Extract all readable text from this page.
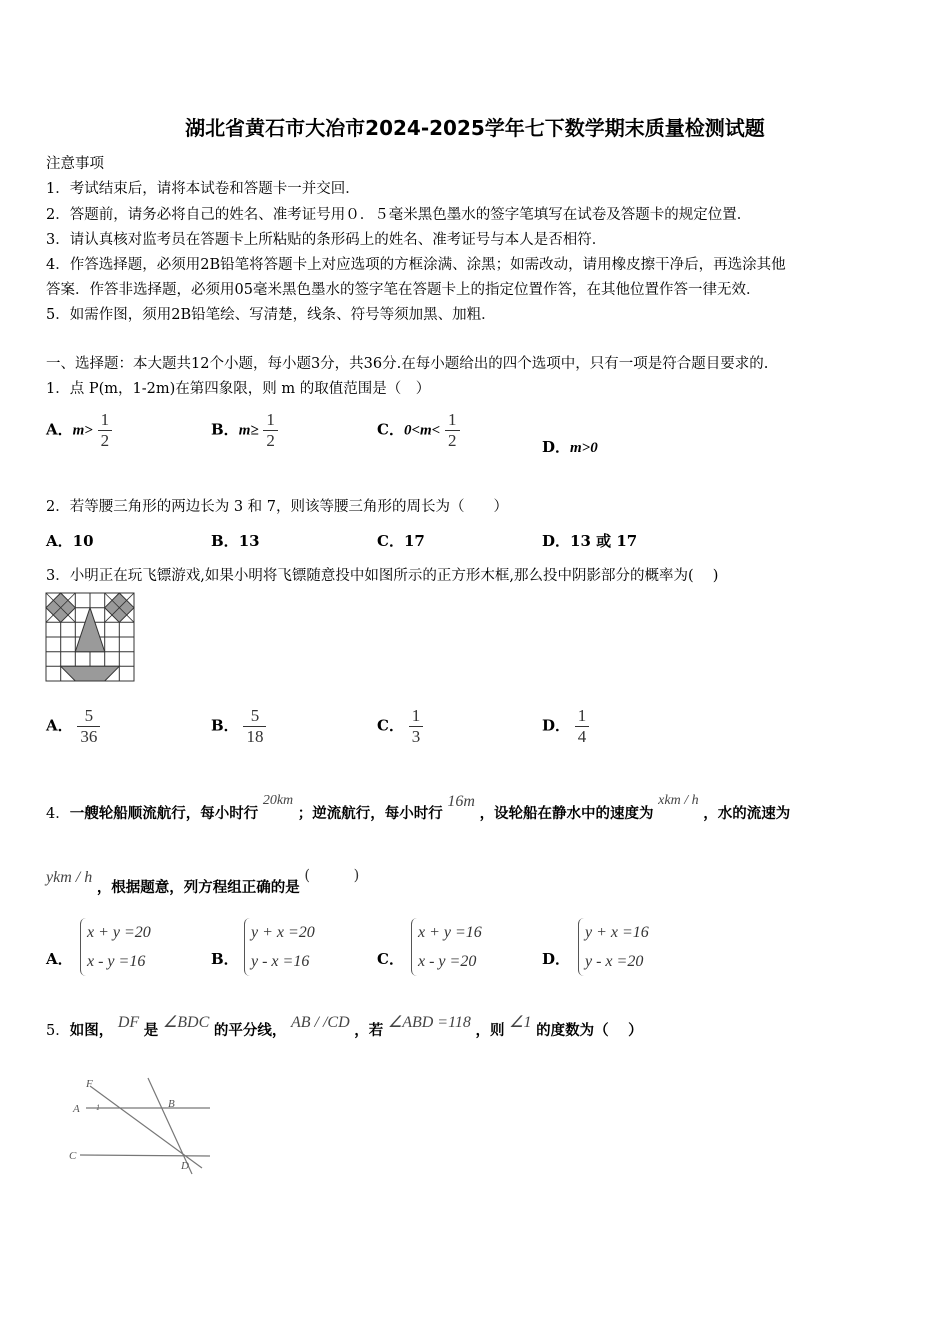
湖北省黄石市大冶市2024-2025学年七下数学期末质量检测试题
注意事项
1．考试结束后，请将本试卷和答题卡一并交回．
2．答题前，请务必将自己的姓名、准考证号用０．５毫米黑色墨水的签字笔填写在试卷及答题卡的规定位置．
3．请认真核对监考员在答题卡上所粘贴的条形码上的姓名、准考证号与本人是否相符．
4．作答选择题，必须用2B铅笔将答题卡上对应选项的方框涂满、涂黑；如需改动，请用橡皮擦干净后，再选涂其他
答案．作答非选择题，必须用05毫米黑色墨水的签字笔在答题卡上的指定位置作答，在其他位置作答一律无效．
5．如需作图，须用2B铅笔绘、写清楚，线条、符号等须加黑、加粗．
一、选择题：本大题共12个小题，每小题3分，共36分.在每小题给出的四个选项中，只有一项是符合题目要求的.
1．点 P(m，1-2m)在第四象限，则 m 的取值范围是（　）
A．$m> \frac{1}{2}$	B．$m\ge \frac{1}{2}$	C．$0<m< \frac{1}{2}$	D．m>0
2．若等腰三角形的两边长为 3 和 7，则该等腰三角形的周长为（　　）
A．10	B．13	C．17	D．13 或 17
3．小明正在玩飞镖游戏,如果小明将飞镖随意投中如图所示的正方形木框,那么投中阴影部分的概率为(　 )
A． $\frac{5}{36}$	B． $\frac{5}{18}$	C． $\frac{1}{3}$	D． $\frac{1}{4}$
4．一艘轮船顺流航行，每小时行 20km ；逆流航行，每小时行 16m ，设轮船在静水中的速度为 xkm / h ，水的流速为
ykm / h ，根据题意，列方程组正确的是 (　　　)
A．
x + y =20
x - y =16	B．
y + x =20
y - x =16	C．
x + y =16
x - y =20	D．
y + x =16
y - x =20
5．如图， DF 是 ∠BDC 的平分线， AB / /CD ，若 ∠ABD =118 ，则 ∠1 的度数为（　 ）
F
A 1	B
C
D
